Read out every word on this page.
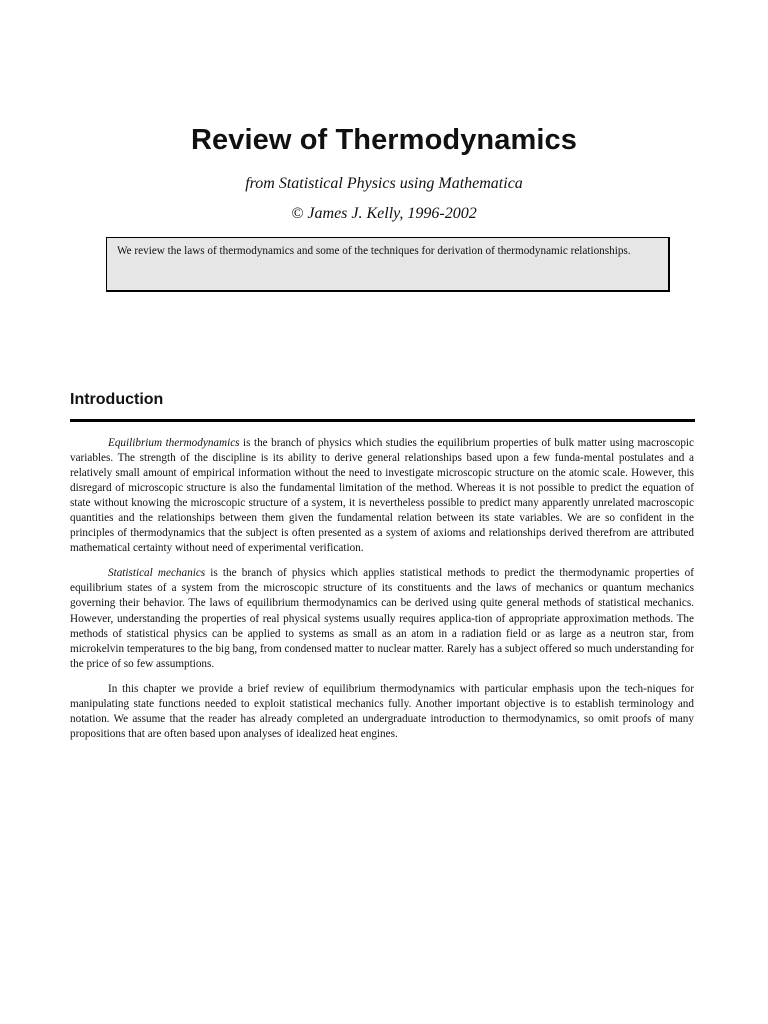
Review of Thermodynamics
from Statistical Physics using Mathematica
© James J. Kelly, 1996-2002
We review the laws of thermodynamics and some of the techniques for derivation of thermodynamic relationships.
Introduction

Equilibrium thermodynamics is the branch of physics which studies the equilibrium properties of bulk matter using macroscopic variables. The strength of the discipline is its ability to derive general relationships based upon a few funda-mental postulates and a relatively small amount of empirical information without the need to investigate microscopic structure on the atomic scale. However, this disregard of microscopic structure is also the fundamental limitation of the method. Whereas it is not possible to predict the equation of state without knowing the microscopic structure of a system, it is nevertheless possible to predict many apparently unrelated macroscopic quantities and the relationships between them given the fundamental relation between its state variables. We are so confident in the principles of thermodynamics that the subject is often presented as a system of axioms and relationships derived therefrom are attributed mathematical certainty without need of experimental verification.

Statistical mechanics is the branch of physics which applies statistical methods to predict the thermodynamic properties of equilibrium states of a system from the microscopic structure of its constituents and the laws of mechanics or quantum mechanics governing their behavior. The laws of equilibrium thermodynamics can be derived using quite general methods of statistical mechanics. However, understanding the properties of real physical systems usually requires applica-tion of appropriate approximation methods. The methods of statistical physics can be applied to systems as small as an atom in a radiation field or as large as a neutron star, from microkelvin temperatures to the big bang, from condensed matter to nuclear matter. Rarely has a subject offered so much understanding for the price of so few assumptions.

In this chapter we provide a brief review of equilibrium thermodynamics with particular emphasis upon the tech-niques for manipulating state functions needed to exploit statistical mechanics fully. Another important objective is to establish terminology and notation. We assume that the reader has already completed an undergraduate introduction to thermodynamics, so omit proofs of many propositions that are often based upon analyses of idealized heat engines.
